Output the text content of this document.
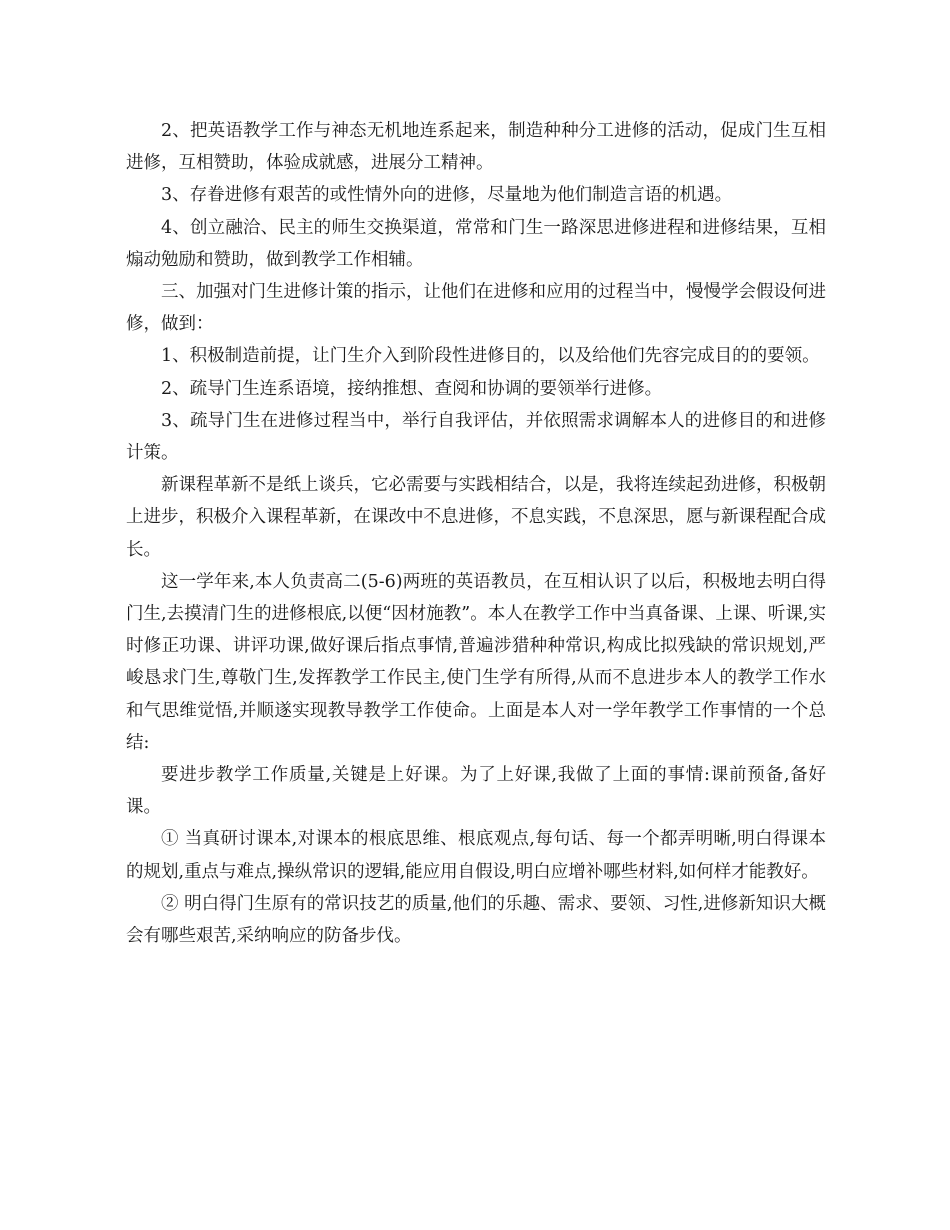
2、把英语教学工作与神态无机地连系起来，制造种种分工进修的活动，促成门生互相进修，互相赞助，体验成就感，进展分工精神。

3、存眷进修有艰苦的或性情外向的进修，尽量地为他们制造言语的机遇。

4、创立融洽、民主的师生交换渠道，常常和门生一路深思进修进程和进修结果，互相煽动勉励和赞助，做到教学工作相辅。

三、加强对门生进修计策的指示，让他们在进修和应用的过程当中，慢慢学会假设何进修，做到：

1、积极制造前提，让门生介入到阶段性进修目的，以及给他们先容完成目的的要领。

2、疏导门生连系语境，接纳推想、查阅和协调的要领举行进修。

3、疏导门生在进修过程当中，举行自我评估，并依照需求调解本人的进修目的和进修计策。

新课程革新不是纸上谈兵，它必需要与实践相结合，以是，我将连续起劲进修，积极朝上进步，积极介入课程革新，在课改中不息进修，不息实践，不息深思，愿与新课程配合成长。

这一学年来,本人负责高二(5-6)两班的英语教员，在互相认识了以后，积极地去明白得门生,去摸清门生的进修根底,以便“因材施教”。本人在教学工作中当真备课、上课、听课,实时修正功课、讲评功课,做好课后指点事情,普遍涉猎种种常识,构成比拟残缺的常识规划,严峻恳求门生,尊敬门生,发挥教学工作民主,使门生学有所得,从而不息进步本人的教学工作水和气思维觉悟,并顺遂实现教导教学工作使命。上面是本人对一学年教学工作事情的一个总结:

要进步教学工作质量,关键是上好课。为了上好课,我做了上面的事情:课前预备,备好课。

① 当真研讨课本,对课本的根底思维、根底观点,每句话、每一个都弄明晰,明白得课本的规划,重点与难点,操纵常识的逻辑,能应用自假设,明白应增补哪些材料,如何样才能教好。

② 明白得门生原有的常识技艺的质量,他们的乐趣、需求、要领、习性,进修新知识大概会有哪些艰苦,采纳响应的防备步伐。
